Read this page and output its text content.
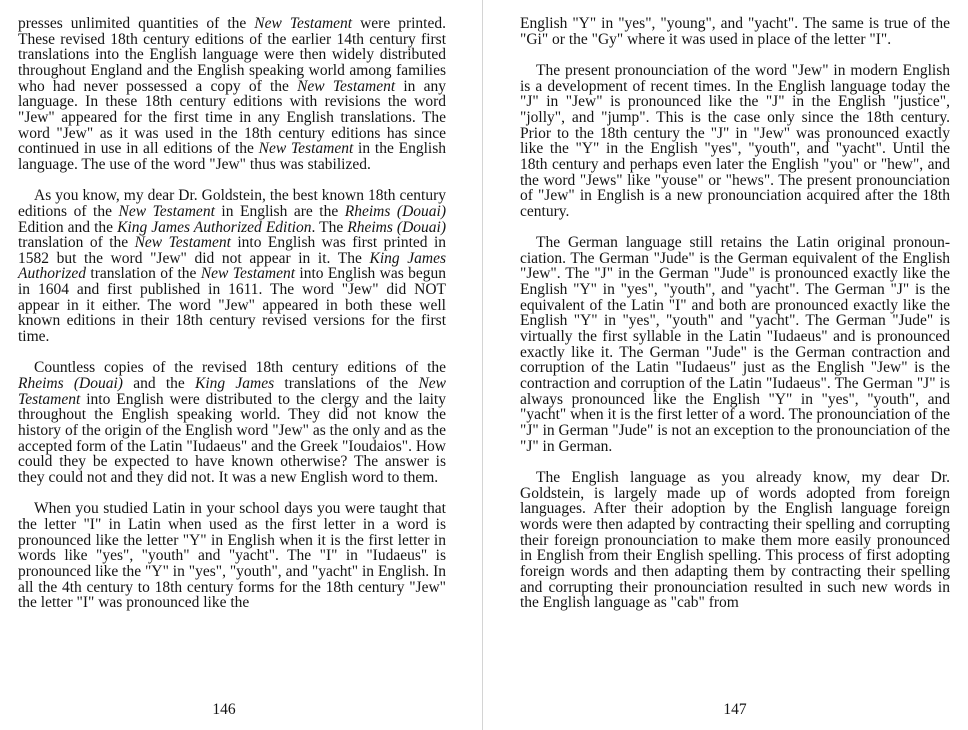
presses unlimited quantities of the New Testament were printed. These revised 18th century editions of the earlier 14th century first translations into the English language were then widely distributed throughout England and the English speaking world among families who had never possessed a copy of the New Testament in any language. In these 18th century editions with revisions the word "Jew" appeared for the first time in any English translations. The word "Jew" as it was used in the 18th century editions has since continued in use in all editions of the New Testament in the English language. The use of the word "Jew" thus was stabilized.

As you know, my dear Dr. Goldstein, the best known 18th century editions of the New Testament in English are the Rheims (Douai) Edition and the King James Authorized Edition. The Rheims (Douai) translation of the New Testament into English was first printed in 1582 but the word "Jew" did not appear in it. The King James Authorized translation of the New Testament into English was begun in 1604 and first published in 1611. The word "Jew" did NOT appear in it either. The word "Jew" appeared in both these well known editions in their 18th century revised versions for the first time.

Countless copies of the revised 18th century editions of the Rheims (Douai) and the King James translations of the New Testament into English were distributed to the clergy and the laity throughout the English speaking world. They did not know the history of the origin of the English word "Jew" as the only and as the accepted form of the Latin "Iudaeus" and the Greek "Ioudaios". How could they be expected to have known otherwise? The answer is they could not and they did not. It was a new English word to them.

When you studied Latin in your school days you were taught that the letter "I" in Latin when used as the first letter in a word is pronounced like the letter "Y" in English when it is the first letter in words like "yes", "youth" and "yacht". The "I" in "Iudaeus" is pronounced like the "Y" in "yes", "youth", and "yacht" in English. In all the 4th century to 18th century forms for the 18th century "Jew" the letter "I" was pronounced like the

146

English "Y" in "yes", "young", and "yacht". The same is true of the "Gi" or the "Gy" where it was used in place of the letter "I".

The present pronounciation of the word "Jew" in modern English is a development of recent times. In the English language today the "J" in "Jew" is pronounced like the "J" in the English "justice", "jolly", and "jump". This is the case only since the 18th century. Prior to the 18th century the "J" in "Jew" was pronounced exactly like the "Y" in the English "yes", "youth", and "yacht". Until the 18th century and perhaps even later the English "you" or "hew", and the word "Jews" like "youse" or "hews". The present pronounciation of "Jew" in English is a new pronounciation acquired after the 18th century.

The German language still retains the Latin original pronounciation. The German "Jude" is the German equivalent of the English "Jew". The "J" in the German "Jude" is pronounced exactly like the English "Y" in "yes", "youth", and "yacht". The German "J" is the equivalent of the Latin "I" and both are pronounced exactly like the English "Y" in "yes", "youth" and "yacht". The German "Jude" is virtually the first syllable in the Latin "Iudaeus" and is pronounced exactly like it. The German "Jude" is the German contraction and corruption of the Latin "Iudaeus" just as the English "Jew" is the contraction and corruption of the Latin "Iudaeus". The German "J" is always pronounced like the English "Y" in "yes", "youth", and "yacht" when it is the first letter of a word. The pronounciation of the "J" in German "Jude" is not an exception to the pronounciation of the "J" in German.

The English language as you already know, my dear Dr. Goldstein, is largely made up of words adopted from foreign languages. After their adoption by the English language foreign words were then adapted by contracting their spelling and corrupting their foreign pronounciation to make them more easily pronounced in English from their English spelling. This process of first adopting foreign words and then adapting them by contracting their spelling and corrupting their pronounciation resulted in such new words in the English language as "cab" from

147
